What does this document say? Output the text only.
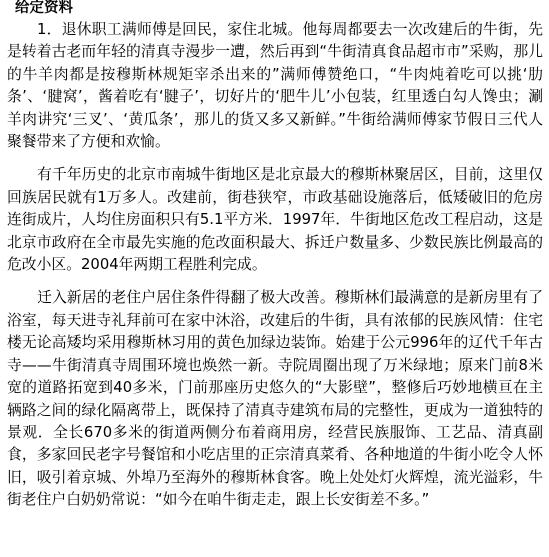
给定资料

1．退休职工满师傅是回民，家住北城。他每周都要去一次改建后的牛街，先是转着古老而年轻的清真寺漫步一遭，然后再到“牛街清真食品超市市”采购，那儿的牛羊肉都是按穆斯林规矩宰杀出来的”满师傅赞绝口，“牛肉炖着吃可以挑‘肋条’、‘腱窝’，酱着吃有‘腱子’，切好片的‘肥牛儿’小包装，红里透白勾人馋虫；涮羊肉讲究‘三叉’、‘黄瓜条’，那儿的货又多又新鲜。”牛街给满师傅家节假日三代人聚餐带来了方便和欢愉。

有千年历史的北京市南城牛街地区是北京最大的穆斯林聚居区，目前，这里仅回族居民就有1万多人。改建前，街巷狭窄，市政基础设施落后，低矮破旧的危房连街成片，人均住房面积只有5.1平方米．1997年．牛街地区危改工程启动，这是北京市政府在全市最先实施的危改面积最大、拆迁户数量多、少数民族比例最高的危改小区。2004年两期工程胜利完成。

迁入新居的老住户居住条件得翻了极大改善。穆斯林们最满意的是新房里有了浴室，每天进寺礼拜前可在家中沐浴，改建后的牛街，具有浓郁的民族风情：住宅楼无论高矮均采用穆斯林习用的黄色加绿边装饰。始建于公元996年的辽代千年古寺——牛街清真寺周围环境也焕然一新。寺院周圈出现了万米绿地；原来门前8米宽的道路拓宽到40多米，门前那座历史悠久的“大影壁”，整修后巧妙地横亘在主辆路之间的绿化隔离带上，既保持了清真寺建筑布局的完整性，更成为一道独特的景观．全长670多米的街道两侧分布着商用房，经营民族服饰、工艺品、清真副食，多家回民老字号餐馆和小吃店里的正宗清真菜肴、各种地道的牛街小吃令人怀旧，吸引着京城、外埠乃至海外的穆斯林食客。晚上处处灯火辉煌，流光溢彩，牛街老住户白奶奶常说：“如今在咱牛街走走，跟上长安街差不多。”
